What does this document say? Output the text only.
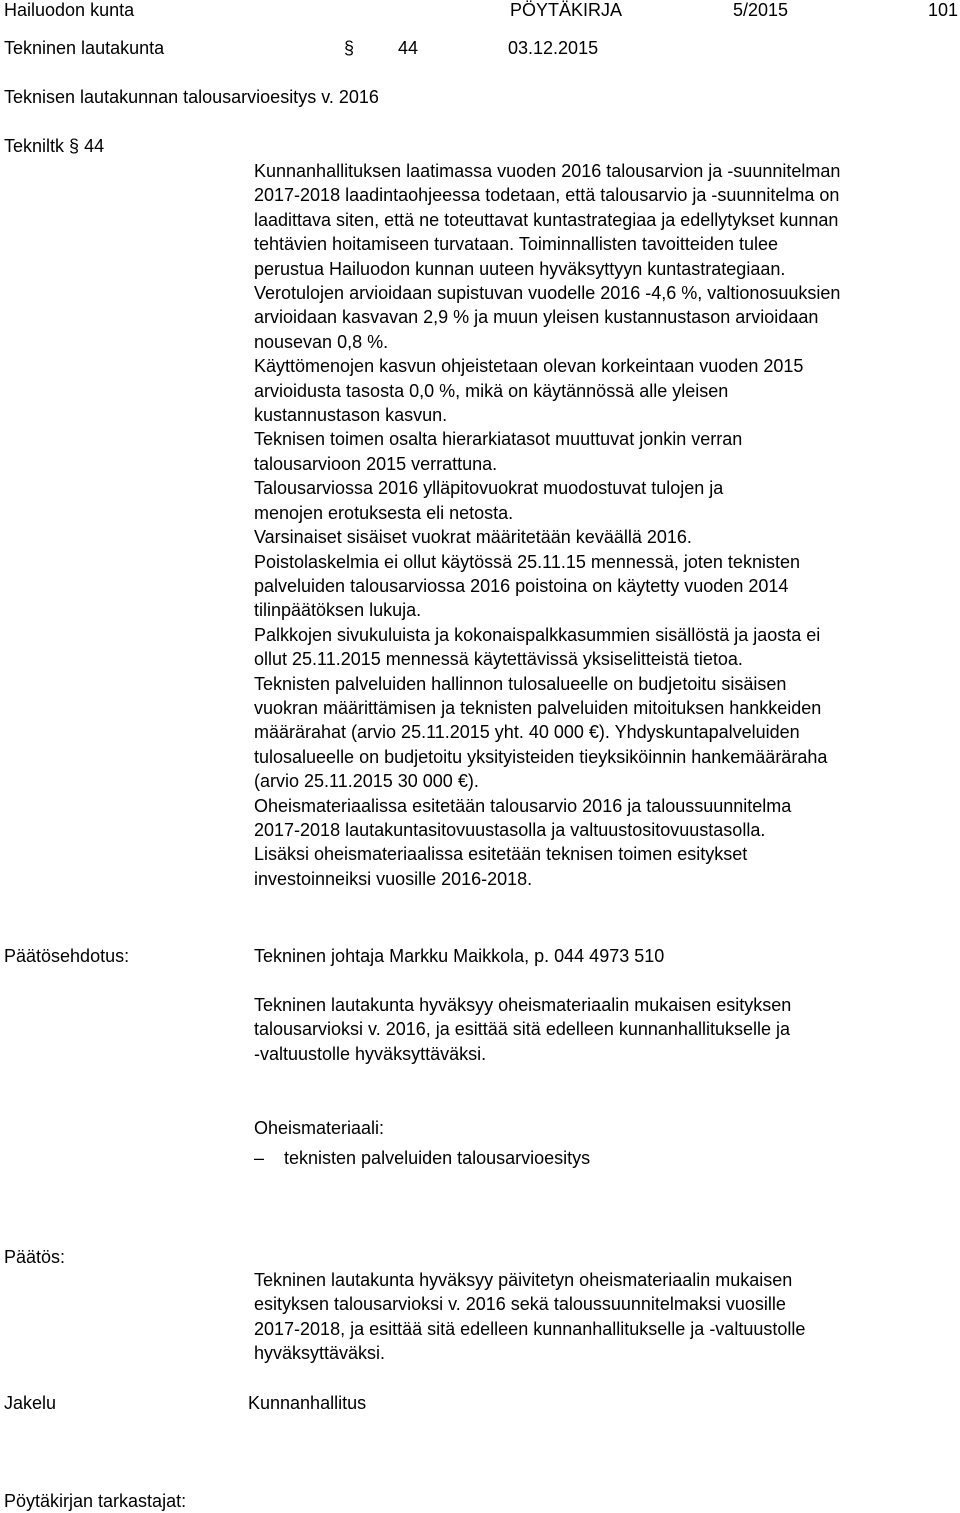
Hailuodon kunta	PÖYTÄKIRJA	5/2015	101
Tekninen lautakunta	§ 44	03.12.2015
Teknisen lautakunnan talousarvioesitys v. 2016
Tekniltk § 44

Kunnanhallituksen laatimassa vuoden 2016 talousarvion ja -suunnitelman

2017-2018 laadintaohjeessa todetaan, että talousarvio ja -suunnitelma on

laadittava siten, että ne toteuttavat kuntastrategiaa ja edellytykset kunnan

tehtävien hoitamiseen turvataan. Toiminnallisten tavoitteiden tulee

perustua Hailuodon kunnan uuteen hyväksyttyyn kuntastrategiaan.

Verotulojen arvioidaan supistuvan vuodelle 2016 -4,6 %, valtionosuuksien

arvioidaan kasvavan 2,9 % ja muun yleisen kustannustason arvioidaan

nousevan 0,8 %.

Käyttömenojen kasvun ohjeistetaan olevan korkeintaan vuoden 2015

arvioidusta tasosta 0,0 %, mikä on käytännössä alle yleisen

kustannustason kasvun.

Teknisen toimen osalta hierarkiatasot muuttuvat jonkin verran

talousarvioon 2015 verrattuna.

Talousarviossa 2016 ylläpitovuokrat muodostuvat tulojen ja

menojen erotuksesta eli netosta.

Varsinaiset sisäiset vuokrat määritetään keväällä 2016.

Poistolaskelmia ei ollut käytössä 25.11.15 mennessä, joten teknisten

palveluiden talousarviossa 2016 poistoina on käytetty vuoden 2014

tilinpäätöksen lukuja.

Palkkojen sivukuluista ja kokonaispalkkasummien sisällöstä ja jaosta ei

ollut 25.11.2015 mennessä käytettävissä yksiselitteistä tietoa.

Teknisten palveluiden hallinnon tulosalueelle on budjetoitu sisäisen

vuokran määrittämisen ja teknisten palveluiden mitoituksen hankkeiden

määrärahat (arvio 25.11.2015 yht. 40 000 €). Yhdyskuntapalveluiden

tulosalueelle on budjetoitu yksityisteiden tieyksiköinnin hankemääräraha

(arvio 25.11.2015 30 000 €).

Oheismateriaalissa esitetään talousarvio 2016 ja taloussuunnitelma

2017-2018 lautakuntasitovuustasolla ja valtuustositovuustasolla.

Lisäksi oheismateriaalissa esitetään teknisen toimen esitykset

investoinneiksi vuosille 2016-2018.

Päätösehdotus:	Tekninen johtaja Markku Maikkola, p. 044 4973 510

Tekninen lautakunta hyväksyy oheismateriaalin mukaisen esityksen

talousarvioksi v. 2016, ja esittää sitä edelleen kunnanhallitukselle ja

-valtuustolle hyväksyttäväksi.

Oheismateriaali:
– teknisten palveluiden talousarvioesitys
Päätös:

Tekninen lautakunta hyväksyy päivitetyn oheismateriaalin mukaisen

esityksen talousarvioksi v. 2016 sekä taloussuunnitelmaksi vuosille

2017-2018, ja esittää sitä edelleen kunnanhallitukselle ja -valtuustolle

hyväksyttäväksi.

Jakelu	Kunnanhallitus
Pöytäkirjan tarkastajat:
